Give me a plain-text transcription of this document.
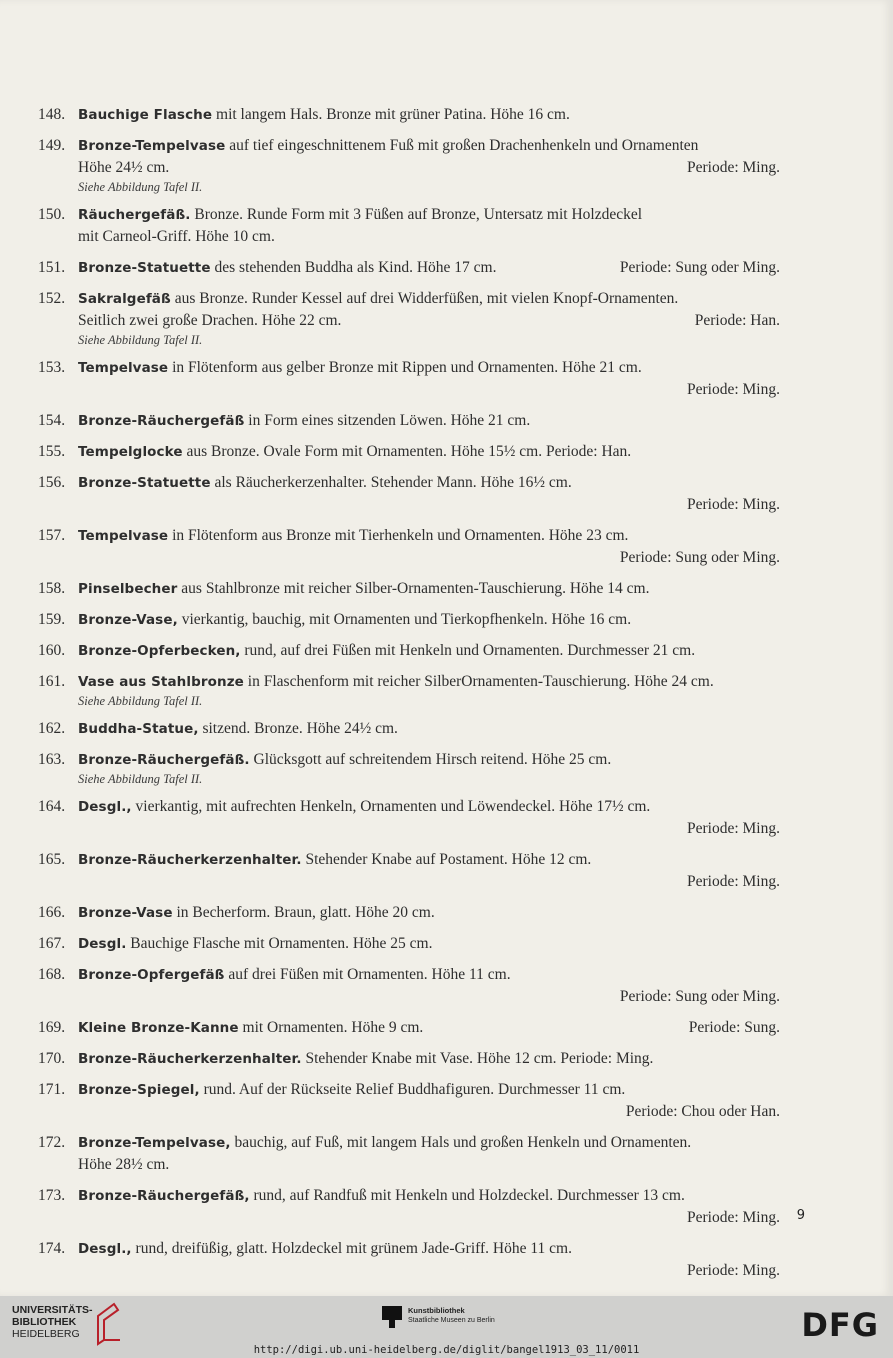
148. Bauchige Flasche mit langem Hals. Bronze mit grüner Patina. Höhe 16 cm.
149. Bronze-Tempelvase auf tief eingeschnittenem Fuß mit großen Drachenhenkeln und Ornamenten
Höhe 24½ cm.	Periode: Ming.
Siehe Abbildung Tafel II.
150. Räuchergefäß. Bronze. Runde Form mit 3 Füßen auf Bronze, Untersatz mit Holzdeckel
mit Carneol-Griff. Höhe 10 cm.
151. Bronze-Statuette des stehenden Buddha als Kind. Höhe 17 cm.	Periode: Sung oder Ming.
152. Sakralgefäß aus Bronze. Runder Kessel auf drei Widderfüßen, mit vielen Knopf-Ornamenten.
Seitlich zwei große Drachen. Höhe 22 cm.	Periode: Han.
Siehe Abbildung Tafel II.
153. Tempelvase in Flötenform aus gelber Bronze mit Rippen und Ornamenten. Höhe 21 cm.
Periode: Ming.
154. Bronze-Räuchergefäß in Form eines sitzenden Löwen. Höhe 21 cm.
155. Tempelglocke aus Bronze. Ovale Form mit Ornamenten. Höhe 15½ cm. Periode: Han.
156. Bronze-Statuette als Räucherkerzenhalter. Stehender Mann. Höhe 16½ cm.
Periode: Ming.
157. Tempelvase in Flötenform aus Bronze mit Tierhenkeln und Ornamenten. Höhe 23 cm.
Periode: Sung oder Ming.
158. Pinselbecher aus Stahlbronze mit reicher Silber-Ornamenten-Tauschierung. Höhe 14 cm.
159. Bronze-Vase, vierkantig, bauchig, mit Ornamenten und Tierkopfhenkeln. Höhe 16 cm.
160. Bronze-Opferbecken, rund, auf drei Füßen mit Henkeln und Ornamenten. Durchmesser 21 cm.
161. Vase aus Stahlbronze in Flaschenform mit reicher SilberOrnamenten-Tauschierung. Höhe 24 cm.
Siehe Abbildung Tafel II.
162. Buddha-Statue, sitzend. Bronze. Höhe 24½ cm.
163. Bronze-Räuchergefäß. Glücksgott auf schreitendem Hirsch reitend. Höhe 25 cm.
Siehe Abbildung Tafel II.
164. Desgl., vierkantig, mit aufrechten Henkeln, Ornamenten und Löwendeckel. Höhe 17½ cm.
Periode: Ming.
165. Bronze-Räucherkerzenhalter. Stehender Knabe auf Postament. Höhe 12 cm.
Periode: Ming.
166. Bronze-Vase in Becherform. Braun, glatt. Höhe 20 cm.
167. Desgl. Bauchige Flasche mit Ornamenten. Höhe 25 cm.
168. Bronze-Opfergefäß auf drei Füßen mit Ornamenten. Höhe 11 cm.
Periode: Sung oder Ming.
169. Kleine Bronze-Kanne mit Ornamenten. Höhe 9 cm.	Periode: Sung.
170. Bronze-Räucherkerzenhalter. Stehender Knabe mit Vase. Höhe 12 cm. Periode: Ming.
171. Bronze-Spiegel, rund. Auf der Rückseite Relief Buddhafiguren. Durchmesser 11 cm.
Periode: Chou oder Han.
172. Bronze-Tempelvase, bauchig, auf Fuß, mit langem Hals und großen Henkeln und Ornamenten.
Höhe 28½ cm.
173. Bronze-Räuchergefäß, rund, auf Randfuß mit Henkeln und Holzdeckel. Durchmesser 13 cm.
Periode: Ming.
174. Desgl., rund, dreifüßig, glatt. Holzdeckel mit grünem Jade-Griff. Höhe 11 cm.
Periode: Ming.
9
UNIVERSITÄTS-
BIBLIOTHEK
HEIDELBERG
Kunstbibliothek
Staatliche Museen zu Berlin	DFG
http://digi.ub.uni-heidelberg.de/diglit/bangel1913_03_11/0011
